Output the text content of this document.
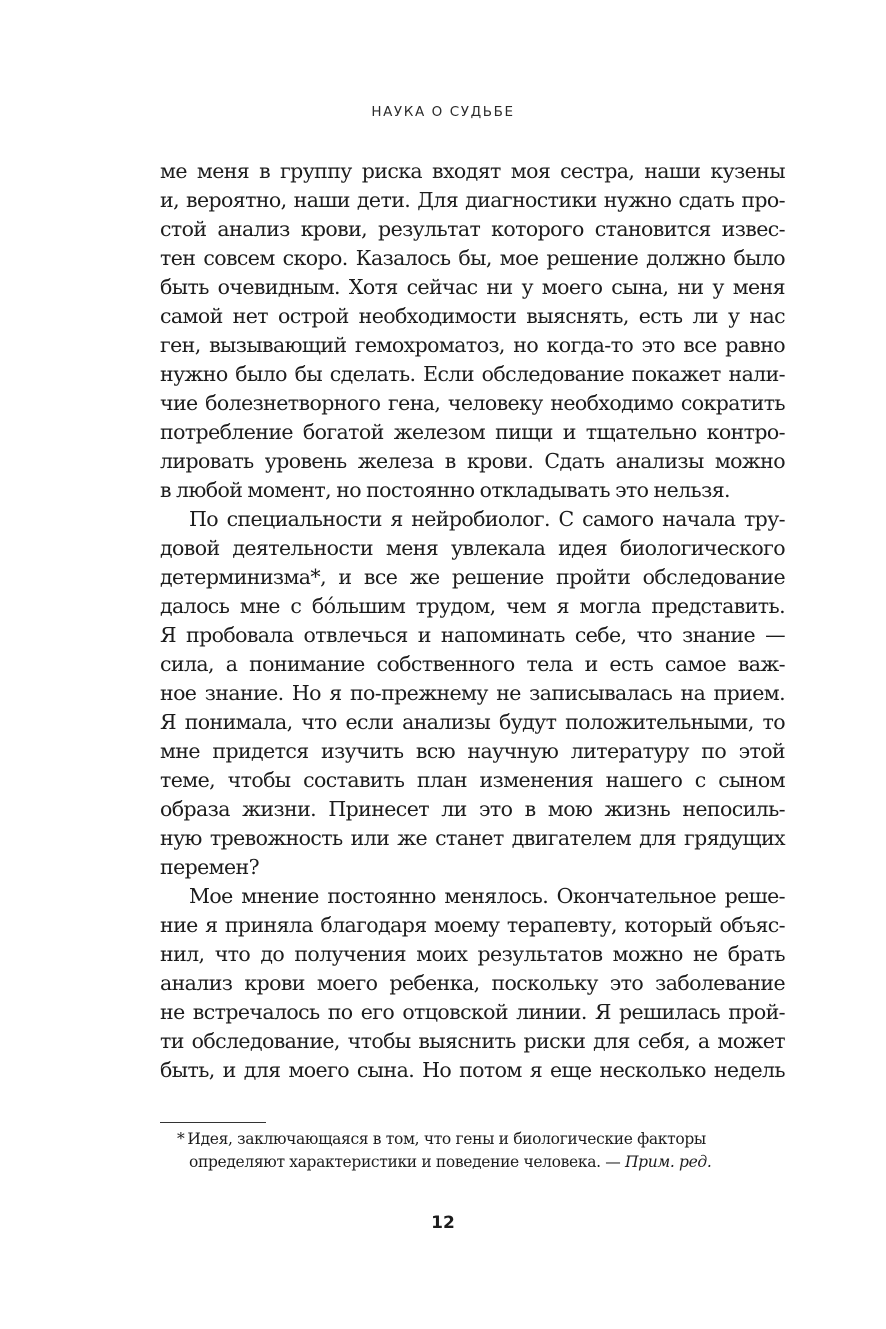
НАУКА О СУДЬБЕ
ме меня в группу риска входят моя сестра, наши кузены
и, вероятно, наши дети. Для диагностики нужно сдать про-
стой анализ крови, результат которого становится извес-
тен совсем скоро. Казалось бы, мое решение должно было
быть очевидным. Хотя сейчас ни у моего сына, ни у меня
самой нет острой необходимости выяснять, есть ли у нас
ген, вызывающий гемохроматоз, но когда-то это все равно
нужно было бы сделать. Если обследование покажет нали-
чие болезнетворного гена, человеку необходимо сократить
потребление богатой железом пищи и тщательно контро-
лировать уровень железа в крови. Сдать анализы можно
в любой момент, но постоянно откладывать это нельзя.
По специальности я нейробиолог. С самого начала тру-
довой деятельности меня увлекала идея биологического
детерминизма*, и все же решение пройти обследование
далось мне с бóльшим трудом, чем я могла представить.
Я пробовала отвлечься и напоминать себе, что знание —
сила, а понимание собственного тела и есть самое важ-
ное знание. Но я по-прежнему не записывалась на прием.
Я понимала, что если анализы будут положительными, то
мне придется изучить всю научную литературу по этой
теме, чтобы составить план изменения нашего с сыном
образа жизни. Принесет ли это в мою жизнь непосиль-
ную тревожность или же станет двигателем для грядущих
перемен?
Мое мнение постоянно менялось. Окончательное реше-
ние я приняла благодаря моему терапевту, который объяс-
нил, что до получения моих результатов можно не брать
анализ крови моего ребенка, поскольку это заболевание
не встречалось по его отцовской линии. Я решилась прой-
ти обследование, чтобы выяснить риски для себя, а может
быть, и для моего сына. Но потом я еще несколько недель
* Идея, заключающаяся в том, что гены и биологические факторы
определяют характеристики и поведение человека. — Прим. ред.
12
